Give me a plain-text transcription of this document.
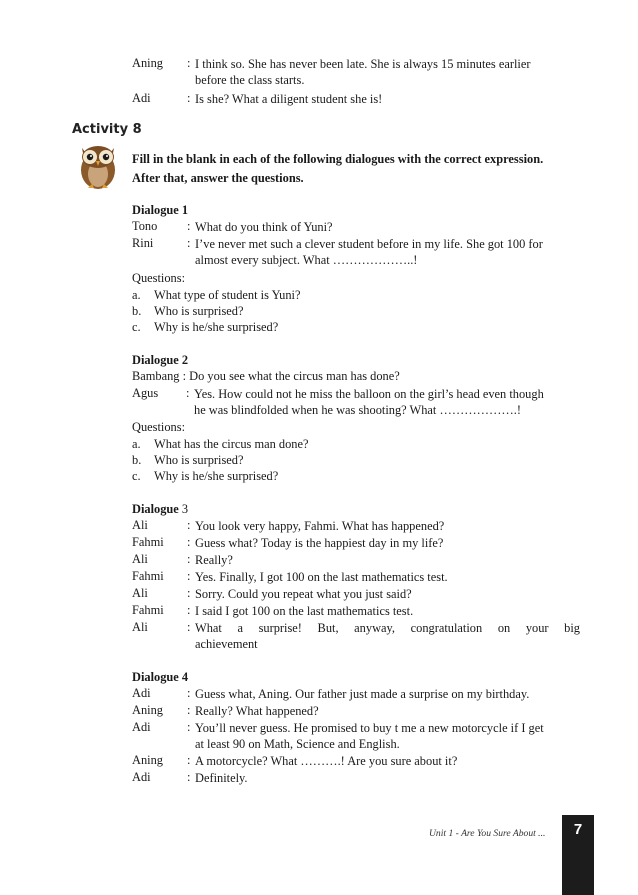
Aning : I think so. She has never been late. She is always 15 minutes earlier
before the class starts.
Adi	: Is she? What a diligent student she is!
Activity 8
Fill in the blank in each of the following dialogues with the correct expression.
After that, answer the questions.
Dialogue 1
Tono : What do you think of Yuni?
Rini	: I’ve never met such a clever student before in my life. She got 100 for
almost every subject. What ………………..!
Questions:
a. What type of student is Yuni?
b. Who is surprised?
c. Why is he/she surprised?
Dialogue 2
Bambang : Do you see what the circus man has done?
Agus : Yes. How could not he miss the balloon on the girl’s head even though
he was blindfolded when he was shooting? What ……………….!
Questions:
a. What has the circus man done?
b. Who is surprised?
c. Why is he/she surprised?
Dialogue 3
Ali	: You look very happy, Fahmi. What has happened?
Fahmi : Guess what? Today is the happiest day in my life?
Ali	: Really?
Fahmi : Yes. Finally, I got 100 on the last mathematics test.
Ali	: Sorry. Could you repeat what you just said?
Fahmi : I said I got 100 on the last mathematics test.
Ali	: What a surprise! But, anyway, congratulation on your big
achievement
Dialogue 4
Adi	: Guess what, Aning. Our father just made a surprise on my birthday.
Aning : Really? What happened?
Adi	: You’ll never guess. He promised to buy t me a new motorcycle if I get
at least 90 on Math, Science and English.
Aning : A motorcycle? What ……….! Are you sure about it?
Adi	: Definitely.
Unit 1 - Are You Sure About ...	7
